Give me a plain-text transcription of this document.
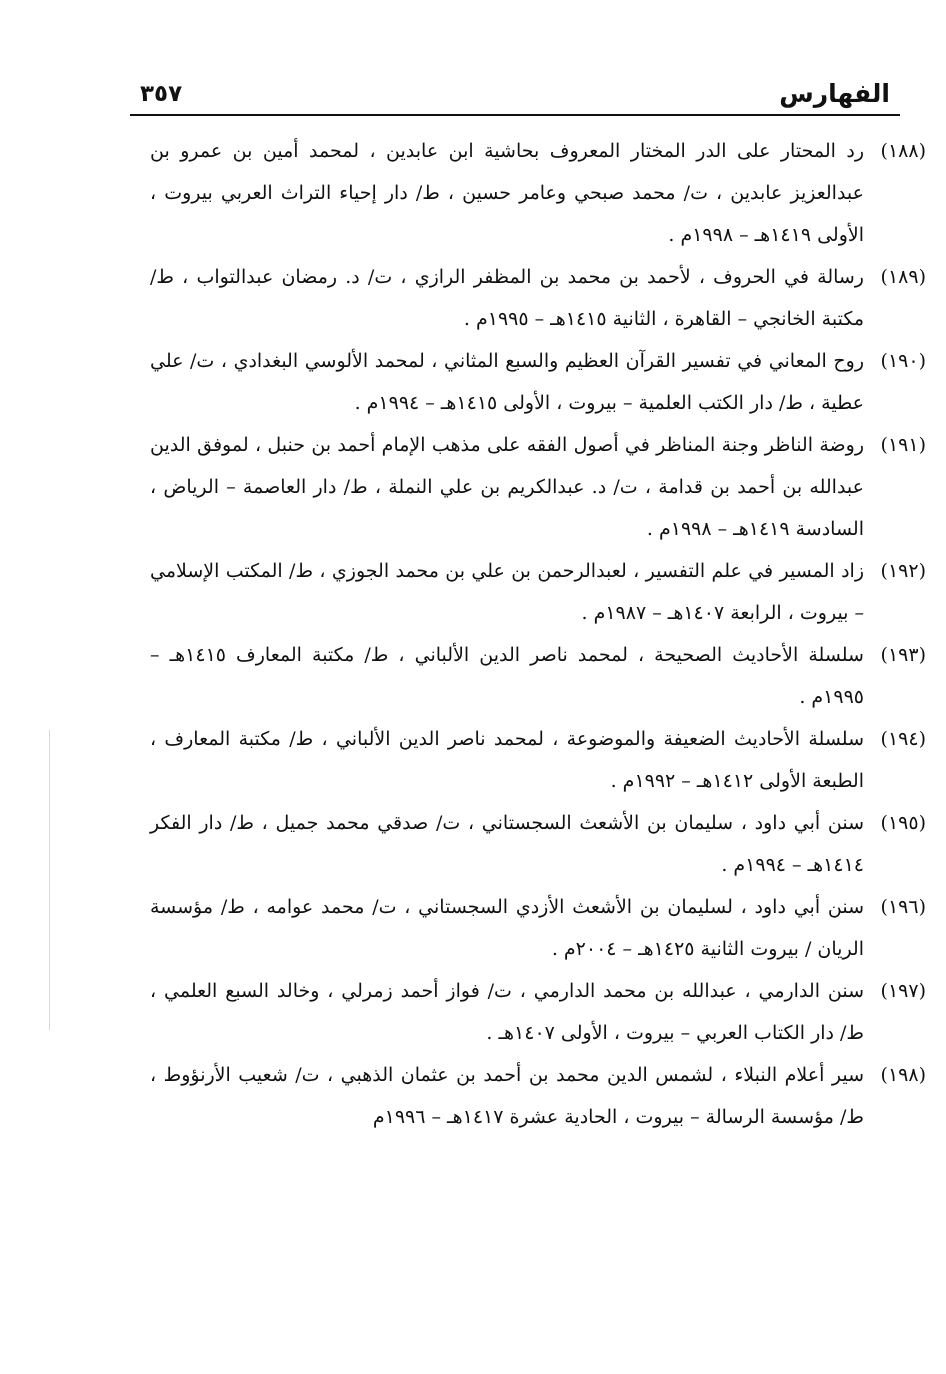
الفهارس
٣٥٧
(١٨٨)
رد المحتار على الدر المختار المعروف بحاشية ابن عابدين ، لمحمد أمين بن عمرو بن عبدالعزيز عابدين ، ت/ محمد صبحي وعامر حسين ، ط/ دار إحياء التراث العربي بيروت ، الأولى ١٤١٩هـ – ١٩٩٨م .
(١٨٩)
رسالة في الحروف ، لأحمد بن محمد بن المظفر الرازي ، ت/ د. رمضان عبدالتواب ، ط/ مكتبة الخانجي – القاهرة ، الثانية ١٤١٥هـ – ١٩٩٥م .
(١٩٠)
روح المعاني في تفسير القرآن العظيم والسبع المثاني ، لمحمد الألوسي البغدادي ، ت/ علي عطية ، ط/ دار الكتب العلمية – بيروت ، الأولى ١٤١٥هـ – ١٩٩٤م .
(١٩١)
روضة الناظر وجنة المناظر في أصول الفقه على مذهب الإمام أحمد بن حنبل ، لموفق الدين عبدالله بن أحمد بن قدامة ، ت/ د. عبدالكريم بن علي النملة ، ط/ دار العاصمة – الرياض ، السادسة ١٤١٩هـ – ١٩٩٨م .
(١٩٢)
زاد المسير في علم التفسير ، لعبدالرحمن بن علي بن محمد الجوزي ، ط/ المكتب الإسلامي – بيروت ، الرابعة ١٤٠٧هـ – ١٩٨٧م .
(١٩٣)
سلسلة الأحاديث الصحيحة ، لمحمد ناصر الدين الألباني ، ط/ مكتبة المعارف ١٤١٥هـ – ١٩٩٥م .
(١٩٤)
سلسلة الأحاديث الضعيفة والموضوعة ، لمحمد ناصر الدين الألباني ، ط/ مكتبة المعارف ، الطبعة الأولى ١٤١٢هـ – ١٩٩٢م .
(١٩٥)
سنن أبي داود ، سليمان بن الأشعث السجستاني ، ت/ صدقي محمد جميل ، ط/ دار الفكر ١٤١٤هـ – ١٩٩٤م .
(١٩٦)
سنن أبي داود ، لسليمان بن الأشعث الأزدي السجستاني ، ت/ محمد عوامه ، ط/ مؤسسة الريان / بيروت الثانية ١٤٢٥هـ – ٢٠٠٤م .
(١٩٧)
سنن الدارمي ، عبدالله بن محمد الدارمي ، ت/ فواز أحمد زمرلي ، وخالد السبع العلمي ، ط/ دار الكتاب العربي – بيروت ، الأولى ١٤٠٧هـ .
(١٩٨)
سير أعلام النبلاء ، لشمس الدين محمد بن أحمد بن عثمان الذهبي ، ت/ شعيب الأرنؤوط ، ط/ مؤسسة الرسالة – بيروت ، الحادية عشرة ١٤١٧هـ – ١٩٩٦م
